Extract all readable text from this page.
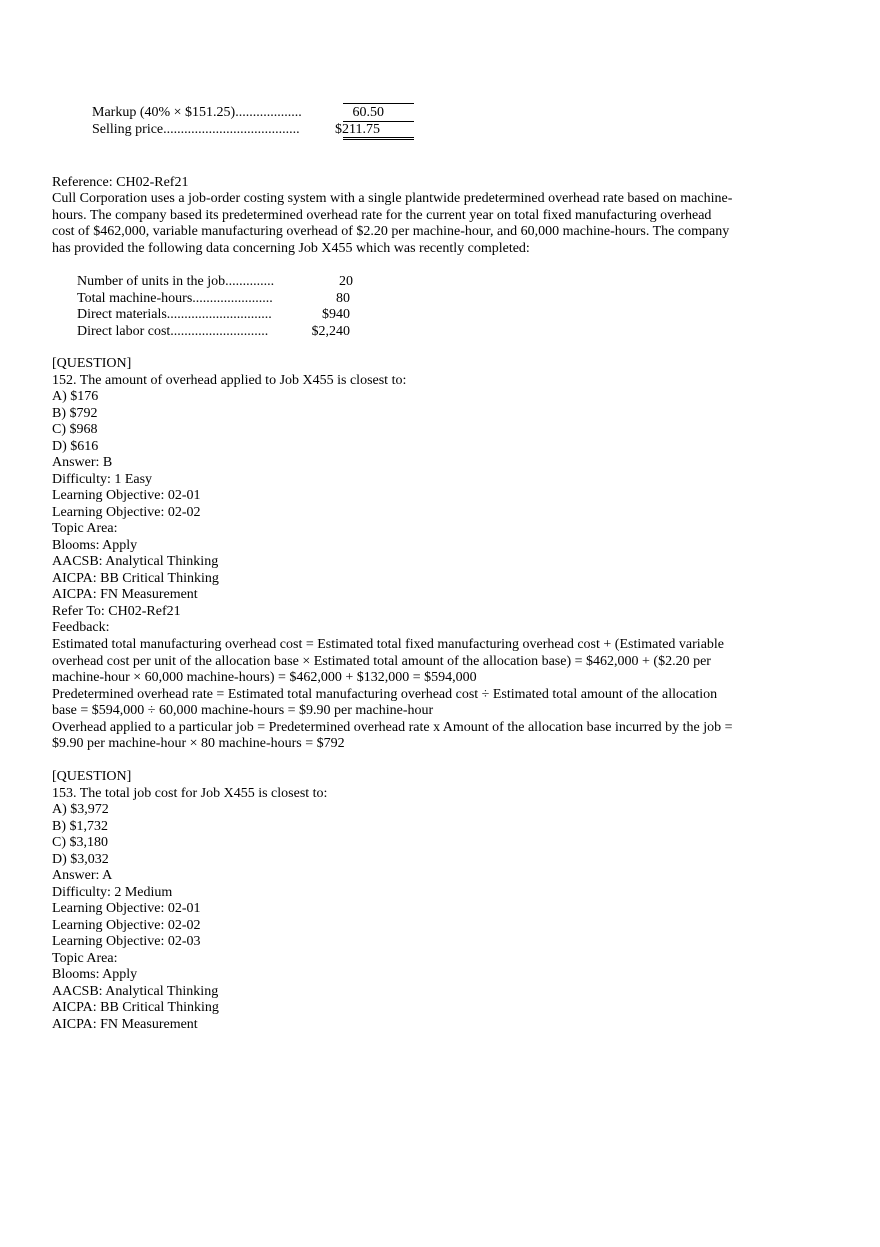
Markup (40% × $151.25)...................	60.50
Selling price.......................................	$211.75
Reference: CH02-Ref21
Cull Corporation uses a job-order costing system with a single plantwide predetermined overhead rate based on machine-
hours. The company based its predetermined overhead rate for the current year on total fixed manufacturing overhead
cost of $462,000, variable manufacturing overhead of $2.20 per machine-hour, and 60,000 machine-hours. The company
has provided the following data concerning Job X455 which was recently completed:
Number of units in the job..............	20
Total machine-hours.......................	80
Direct materials..............................	$940
Direct labor cost............................	$2,240
[QUESTION]
152. The amount of overhead applied to Job X455 is closest to:
A) $176
B) $792
C) $968
D) $616
Answer: B
Difficulty: 1 Easy
Learning Objective: 02-01
Learning Objective: 02-02
Topic Area:
Blooms: Apply
AACSB: Analytical Thinking
AICPA: BB Critical Thinking
AICPA: FN Measurement
Refer To: CH02-Ref21
Feedback:
Estimated total manufacturing overhead cost = Estimated total fixed manufacturing overhead cost + (Estimated variable
overhead cost per unit of the allocation base × Estimated total amount of the allocation base) = $462,000 + ($2.20 per
machine-hour × 60,000 machine-hours) = $462,000 + $132,000 = $594,000
Predetermined overhead rate = Estimated total manufacturing overhead cost ÷ Estimated total amount of the allocation
base = $594,000 ÷ 60,000 machine-hours = $9.90 per machine-hour
Overhead applied to a particular job = Predetermined overhead rate x Amount of the allocation base incurred by the job =
$9.90 per machine-hour × 80 machine-hours = $792
[QUESTION]
153. The total job cost for Job X455 is closest to:
A) $3,972
B) $1,732
C) $3,180
D) $3,032
Answer: A
Difficulty: 2 Medium
Learning Objective: 02-01
Learning Objective: 02-02
Learning Objective: 02-03
Topic Area:
Blooms: Apply
AACSB: Analytical Thinking
AICPA: BB Critical Thinking
AICPA: FN Measurement
